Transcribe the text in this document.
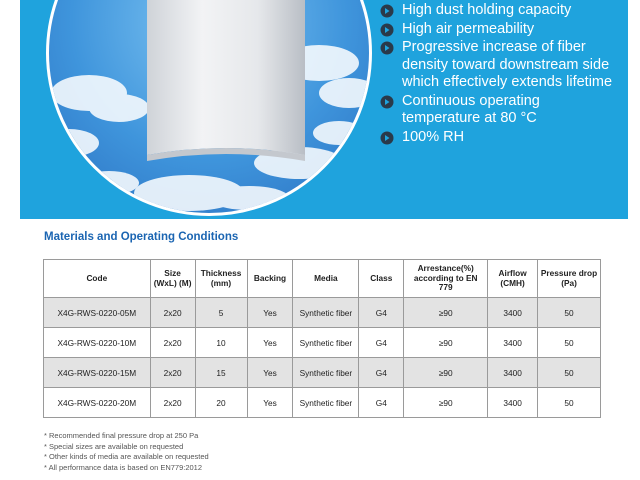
High dust holding capacity
High air permeability
Progressive increase of fiber density toward downstream side which effectively extends lifetime
Continuous operating temperature at 80 °C
100% RH
Materials and Operating Conditions
Code	Size (WxL) (M)	Thickness (mm)	Backing	Media	Class	Arrestance(%) according to EN 779	Airflow (CMH)	Pressure drop (Pa)
X4G-RWS-0220-05M	2x20	5	Yes	Synthetic fiber	G4	≥90	3400	50
X4G-RWS-0220-10M	2x20	10	Yes	Synthetic fiber	G4	≥90	3400	50
X4G-RWS-0220-15M	2x20	15	Yes	Synthetic fiber	G4	≥90	3400	50
X4G-RWS-0220-20M	2x20	20	Yes	Synthetic fiber	G4	≥90	3400	50
* Recommended final pressure drop at 250 Pa
* Special sizes are available on requested
* Other kinds of media are available on requested
* All performance data is based on EN779:2012
